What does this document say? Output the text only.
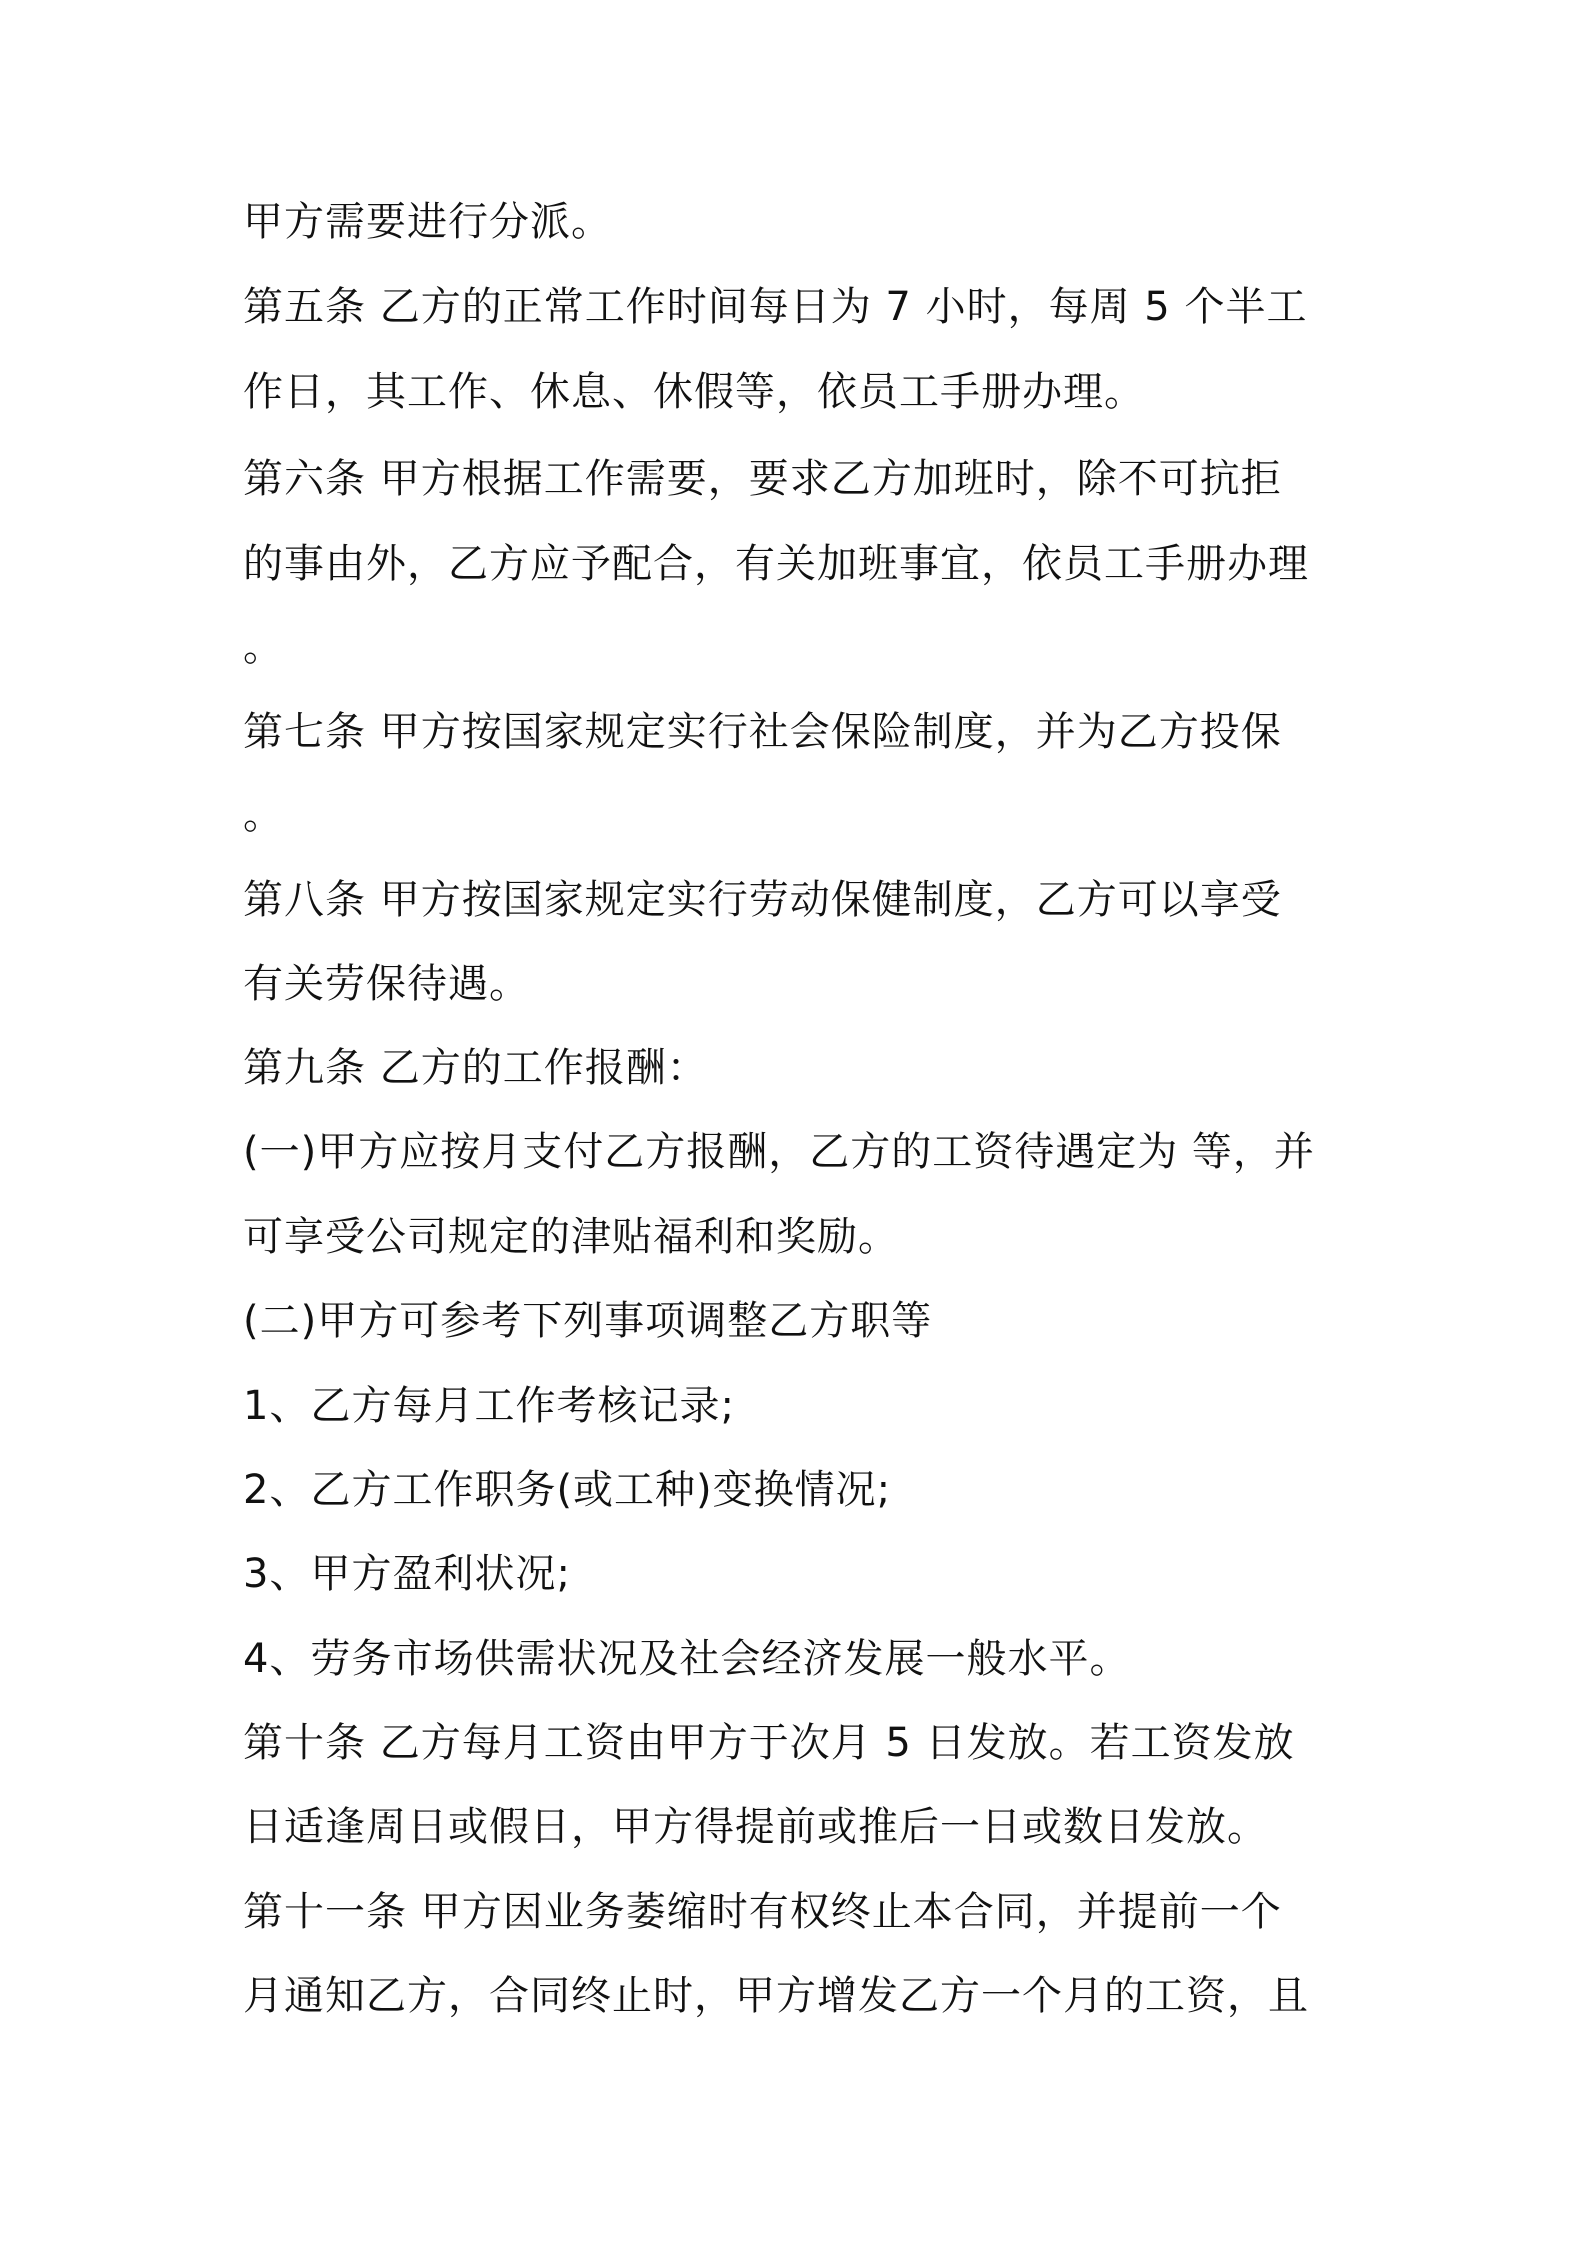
甲方需要进行分派。
第五条 乙方的正常工作时间每日为 7 小时，每周 5 个半工
作日，其工作、休息、休假等，依员工手册办理。
第六条 甲方根据工作需要，要求乙方加班时，除不可抗拒
的事由外，乙方应予配合，有关加班事宜，依员工手册办理
。
第七条 甲方按国家规定实行社会保险制度，并为乙方投保
。
第八条 甲方按国家规定实行劳动保健制度，乙方可以享受
有关劳保待遇。
第九条 乙方的工作报酬：
(一)甲方应按月支付乙方报酬，乙方的工资待遇定为 等，并
可享受公司规定的津贴福利和奖励。
(二)甲方可参考下列事项调整乙方职等
1、乙方每月工作考核记录;
2、乙方工作职务(或工种)变换情况;
3、甲方盈利状况;
4、劳务市场供需状况及社会经济发展一般水平。
第十条 乙方每月工资由甲方于次月 5 日发放。若工资发放
日适逢周日或假日，甲方得提前或推后一日或数日发放。
第十一条 甲方因业务萎缩时有权终止本合同，并提前一个
月通知乙方，合同终止时，甲方增发乙方一个月的工资，且
